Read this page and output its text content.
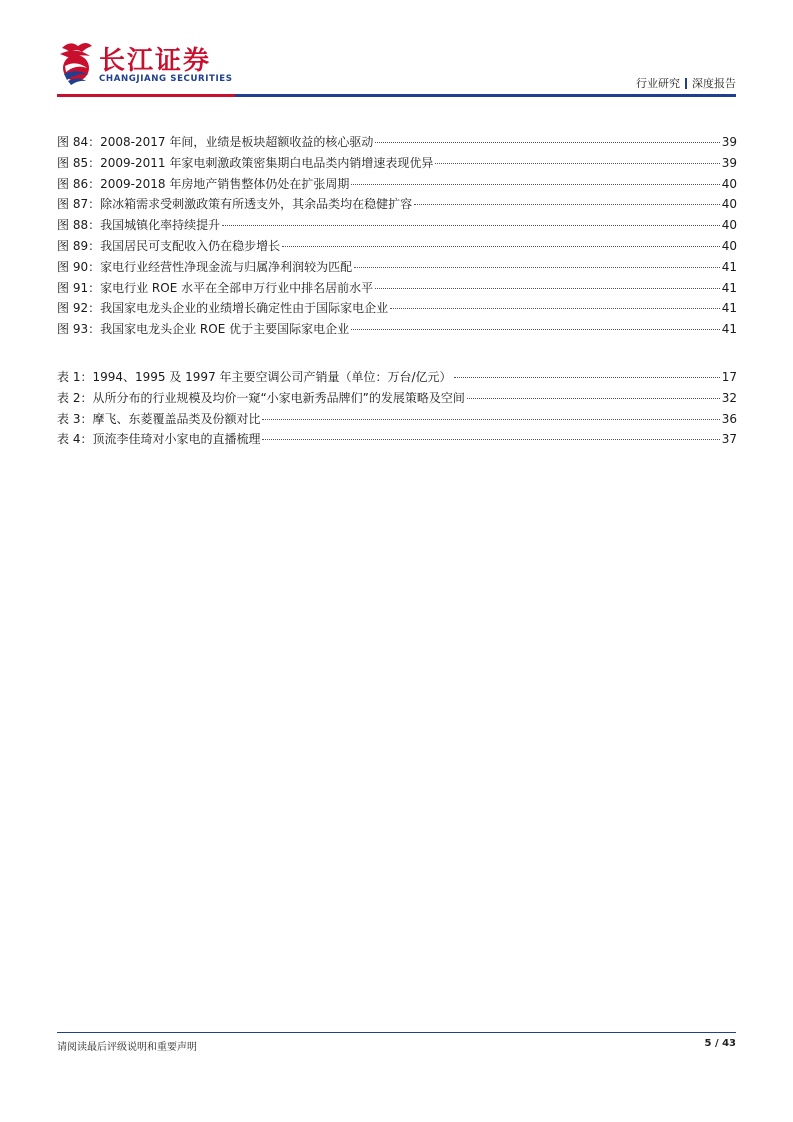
长江证券
CHANGJIANG SECURITIES	行业研究 深度报告
图 84： 2008-2017 年间，业绩是板块超额收益的核心驱动	39
图 85： 2009-2011 年家电刺激政策密集期白电品类内销增速表现优异	39
图 86： 2009-2018 年房地产销售整体仍处在扩张周期	40
图 87： 除冰箱需求受刺激政策有所透支外，其余品类均在稳健扩容	40
图 88： 我国城镇化率持续提升	40
图 89： 我国居民可支配收入仍在稳步增长	40
图 90： 家电行业经营性净现金流与归属净利润较为匹配	41
图 91： 家电行业 ROE 水平在全部申万行业中排名居前水平	41
图 92： 我国家电龙头企业的业绩增长确定性由于国际家电企业	41
图 93： 我国家电龙头企业 ROE 优于主要国际家电企业	41
表 1： 1994、1995 及 1997 年主要空调公司产销量（单位：万台/亿元）	17
表 2： 从所分布的行业规模及均价一窥“小家电新秀品牌们”的发展策略及空间	32
表 3： 摩飞、东菱覆盖品类及份额对比	36
表 4： 顶流李佳琦对小家电的直播梳理	37
请阅读最后评级说明和重要声明	5 / 43
